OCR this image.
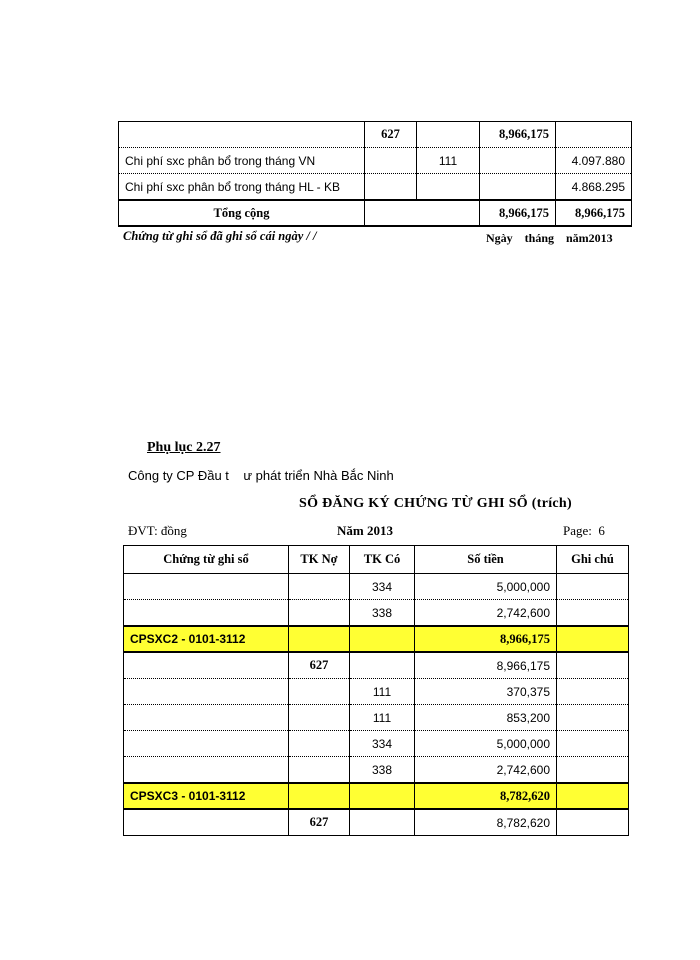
	627		8,966,175	
Chi phí sxc phân bổ trong tháng VN		111		4.097.880
Chi phí sxc phân bổ trong tháng HL - KB				4.868.295
Tổng cộng			8,966,175	8,966,175
Chứng từ ghi sổ đã ghi sổ cái ngày / /	Ngày    tháng    năm2013
Phụ lục 2.27
Công ty CP Đầu t    ư phát triển Nhà Bắc Ninh
SỔ ĐĂNG KÝ CHỨNG TỪ GHI SỔ (trích)
ĐVT: đồng	Năm 2013	Page:  6
Chứng từ ghi sổ	TK Nợ	TK Có	Số tiền	Ghi chú
		334	5,000,000	
		338	2,742,600	
CPSXC2 - 0101-3112			8,966,175	
	627		8,966,175	
		111	370,375	
		111	853,200	
		334	5,000,000	
		338	2,742,600	
CPSXC3 - 0101-3112			8,782,620	
	627		8,782,620	
